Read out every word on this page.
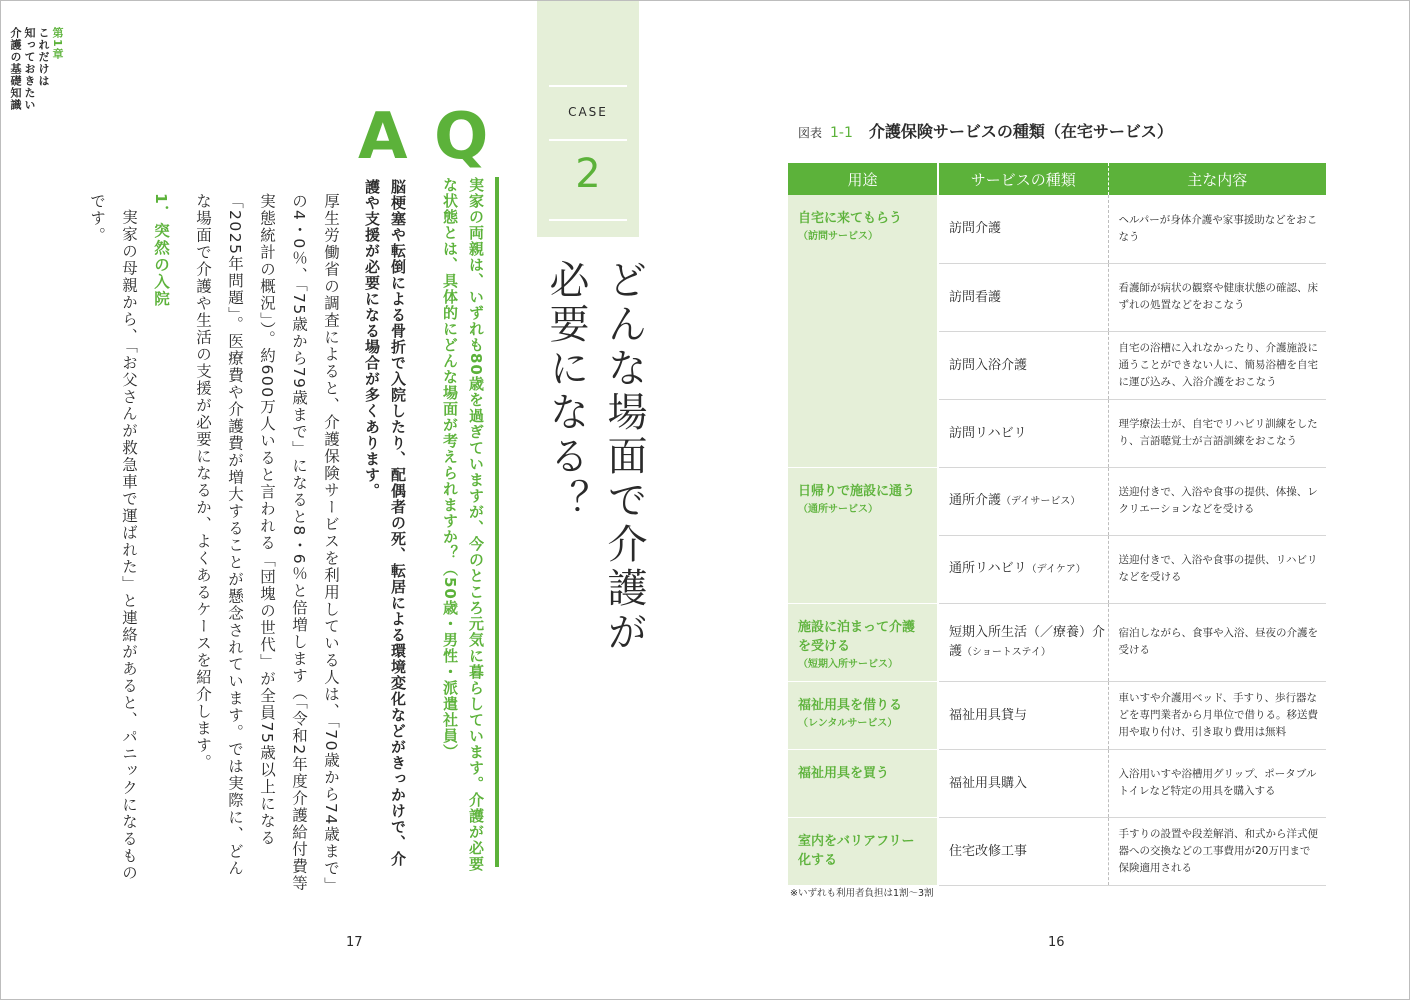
第1章
これだけは
知っておきたい
介護の基礎知識
Q
A
実家の両親は、いずれも80歳を過ぎていますが、今のところ元気に暮らしています。介護が必要な状態とは、具体的にどんな場面が考えられますか？（50歳・男性・派遣社員）
脳梗塞や転倒による骨折で入院したり、配偶者の死、転居による環境変化などがきっかけで、介護や支援が必要になる場合が多くあります。

厚生労働省の調査によると、介護保険サービスを利用している人は、「70歳から74歳まで」の4・0％、「75歳から79歳まで」になると8・6％と倍増します（「令和2年度介護給付費等実態統計の概況」）。約600万人いると言われる「団塊の世代」が全員75歳以上になる「2025年問題」。医療費や介護費が増大することが懸念されています。では実際に、どんな場面で介護や生活の支援が必要になるか、よくあるケースを紹介します。

1．突然の入院

実家の母親から、「お父さんが救急車で運ばれた」と連絡があると、パニックになるものです。

CASE
2
どんな場面で介護が必要になる？
図表 1-1 介護保険サービスの種類（在宅サービス）
用途	サービスの種類	主な内容

自宅に来てもらう
（訪問サービス）	訪問介護	ヘルパーが身体介護や家事援助などをおこなう
	訪問看護	看護師が病状の観察や健康状態の確認、床ずれの処置などをおこなう
	訪問入浴介護	自宅の浴槽に入れなかったり、介護施設に通うことができない人に、簡易浴槽を自宅に運び込み、入浴介護をおこなう
	訪問リハビリ	理学療法士が、自宅でリハビリ訓練をしたり、言語聴覚士が言語訓練をおこなう

日帰りで施設に通う
（通所サービス）	通所介護（デイサービス）	送迎付きで、入浴や食事の提供、体操、レクリエーションなどを受ける
	通所リハビリ（デイケア）	送迎付きで、入浴や食事の提供、リハビリなどを受ける

施設に泊まって介護を受ける
（短期入所サービス）	短期入所生活（／療養）介護（ショートステイ）	宿泊しながら、食事や入浴、昼夜の介護を受ける

福祉用具を借りる
（レンタルサービス）	福祉用具貸与	車いすや介護用ベッド、手すり、歩行器などを専門業者から月単位で借りる。移送費用や取り付け、引き取り費用は無料

福祉用具を買う	福祉用具購入	入浴用いすや浴槽用グリップ、ポータブルトイレなど特定の用具を購入する

室内をバリアフリー化する	住宅改修工事	手すりの設置や段差解消、和式から洋式便器への交換などの工事費用が20万円まで保険適用される
※いずれも利用者負担は1割〜3割
17	16
